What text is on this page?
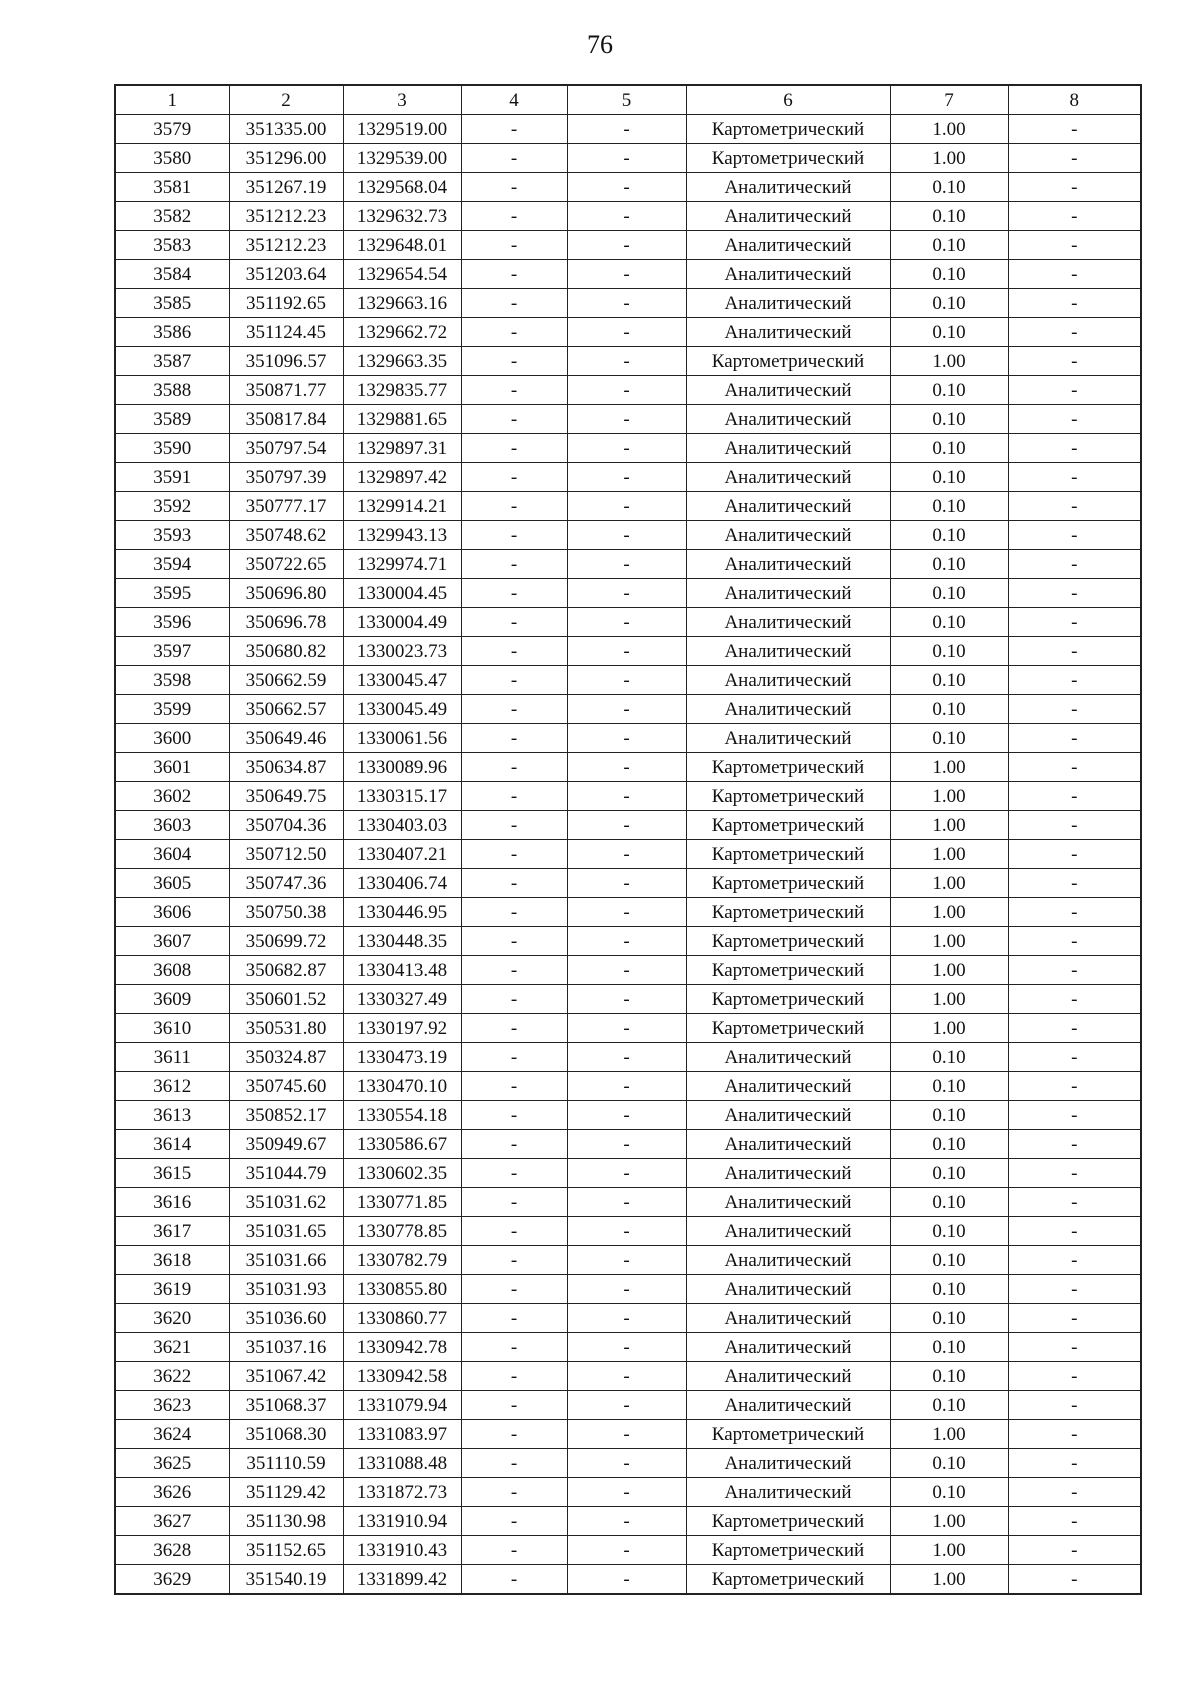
76
1	2	3	4	5	6	7	8
3579	351335.00	1329519.00	-	-	Картометрический	1.00	-
3580	351296.00	1329539.00	-	-	Картометрический	1.00	-
3581	351267.19	1329568.04	-	-	Аналитический	0.10	-
3582	351212.23	1329632.73	-	-	Аналитический	0.10	-
3583	351212.23	1329648.01	-	-	Аналитический	0.10	-
3584	351203.64	1329654.54	-	-	Аналитический	0.10	-
3585	351192.65	1329663.16	-	-	Аналитический	0.10	-
3586	351124.45	1329662.72	-	-	Аналитический	0.10	-
3587	351096.57	1329663.35	-	-	Картометрический	1.00	-
3588	350871.77	1329835.77	-	-	Аналитический	0.10	-
3589	350817.84	1329881.65	-	-	Аналитический	0.10	-
3590	350797.54	1329897.31	-	-	Аналитический	0.10	-
3591	350797.39	1329897.42	-	-	Аналитический	0.10	-
3592	350777.17	1329914.21	-	-	Аналитический	0.10	-
3593	350748.62	1329943.13	-	-	Аналитический	0.10	-
3594	350722.65	1329974.71	-	-	Аналитический	0.10	-
3595	350696.80	1330004.45	-	-	Аналитический	0.10	-
3596	350696.78	1330004.49	-	-	Аналитический	0.10	-
3597	350680.82	1330023.73	-	-	Аналитический	0.10	-
3598	350662.59	1330045.47	-	-	Аналитический	0.10	-
3599	350662.57	1330045.49	-	-	Аналитический	0.10	-
3600	350649.46	1330061.56	-	-	Аналитический	0.10	-
3601	350634.87	1330089.96	-	-	Картометрический	1.00	-
3602	350649.75	1330315.17	-	-	Картометрический	1.00	-
3603	350704.36	1330403.03	-	-	Картометрический	1.00	-
3604	350712.50	1330407.21	-	-	Картометрический	1.00	-
3605	350747.36	1330406.74	-	-	Картометрический	1.00	-
3606	350750.38	1330446.95	-	-	Картометрический	1.00	-
3607	350699.72	1330448.35	-	-	Картометрический	1.00	-
3608	350682.87	1330413.48	-	-	Картометрический	1.00	-
3609	350601.52	1330327.49	-	-	Картометрический	1.00	-
3610	350531.80	1330197.92	-	-	Картометрический	1.00	-
3611	350324.87	1330473.19	-	-	Аналитический	0.10	-
3612	350745.60	1330470.10	-	-	Аналитический	0.10	-
3613	350852.17	1330554.18	-	-	Аналитический	0.10	-
3614	350949.67	1330586.67	-	-	Аналитический	0.10	-
3615	351044.79	1330602.35	-	-	Аналитический	0.10	-
3616	351031.62	1330771.85	-	-	Аналитический	0.10	-
3617	351031.65	1330778.85	-	-	Аналитический	0.10	-
3618	351031.66	1330782.79	-	-	Аналитический	0.10	-
3619	351031.93	1330855.80	-	-	Аналитический	0.10	-
3620	351036.60	1330860.77	-	-	Аналитический	0.10	-
3621	351037.16	1330942.78	-	-	Аналитический	0.10	-
3622	351067.42	1330942.58	-	-	Аналитический	0.10	-
3623	351068.37	1331079.94	-	-	Аналитический	0.10	-
3624	351068.30	1331083.97	-	-	Картометрический	1.00	-
3625	351110.59	1331088.48	-	-	Аналитический	0.10	-
3626	351129.42	1331872.73	-	-	Аналитический	0.10	-
3627	351130.98	1331910.94	-	-	Картометрический	1.00	-
3628	351152.65	1331910.43	-	-	Картометрический	1.00	-
3629	351540.19	1331899.42	-	-	Картометрический	1.00	-
